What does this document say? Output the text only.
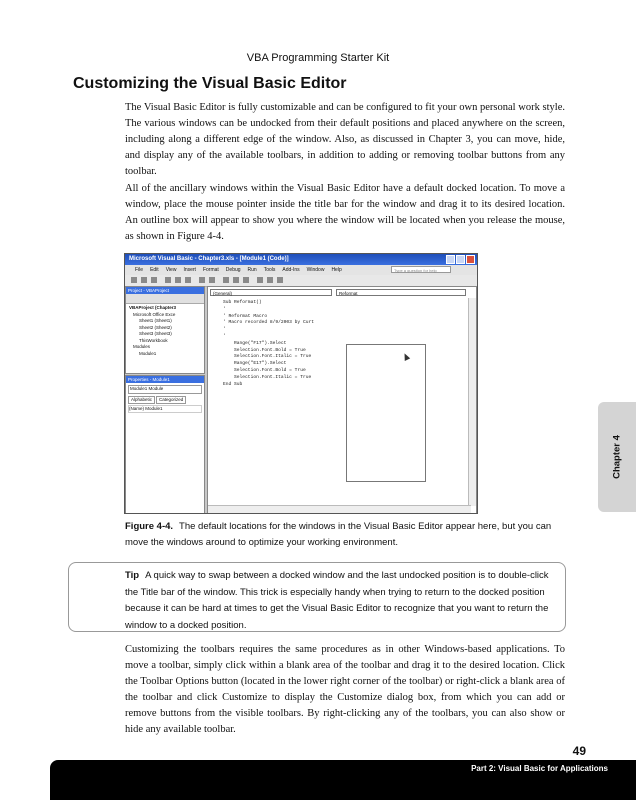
VBA Programming Starter Kit
Customizing the Visual Basic Editor

The Visual Basic Editor is fully customizable and can be configured to fit your own personal work style. The various windows can be undocked from their default positions and placed anywhere on the screen, including along a different edge of the window. Also, as discussed in Chapter 3, you can move, hide, and display any of the available toolbars, in addition to adding or removing toolbar buttons from any toolbar.

All of the ancillary windows within the Visual Basic Editor have a default docked location. To move a window, place the mouse pointer inside the title bar for the window and drag it to its desired location. An outline box will appear to show you where the window will be located when you release the mouse, as shown in Figure 4-4.

Microsoft Visual Basic - Chapter3.xls - [Module1 (Code)]
File Edit View Insert Format Debug Run Tools Add-Ins Window Help	Type a question for help
Project - VBAProject
VBAProject (Chapter3
Microsoft Office Exce
Sheet1 (Sheet1)
Sheet2 (Sheet2)
Sheet3 (Sheet3)
ThisWorkbook
Modules
Module1
Properties - Module1
Module1 Module
Alphabetic	Categorized
(Name) Module1
(General)	Reformat
Sub Reformat()
'
' Reformat Macro
' Macro recorded 8/9/2003 by Curt
'
'
Range("F17").Select
Selection.Font.Bold = True
Selection.Font.Italic = True
Range("E17").Select
Selection.Font.Bold = True
Selection.Font.Italic = True
End Sub

Figure 4-4. The default locations for the windows in the Visual Basic Editor appear here, but you can move the windows around to optimize your working environment.

Tip A quick way to swap between a docked window and the last undocked position is to double-click the Title bar of the window. This trick is especially handy when trying to return to the docked position because it can be hard at times to get the Visual Basic Editor to recognize that you want to return the window to a docked position.

Customizing the toolbars requires the same procedures as in other Windows-based applications. To move a toolbar, simply click within a blank area of the toolbar and drag it to the desired location. Click the Toolbar Options button (located in the lower right corner of the toolbar) or right-click a blank area of the toolbar and click Customize to display the Customize dialog box, from which you can add or remove buttons from the visible toolbars. By right-clicking any of the toolbars, you can also show or hide any available toolbar.

Chapter 4
49
Part 2: Visual Basic for Applications
